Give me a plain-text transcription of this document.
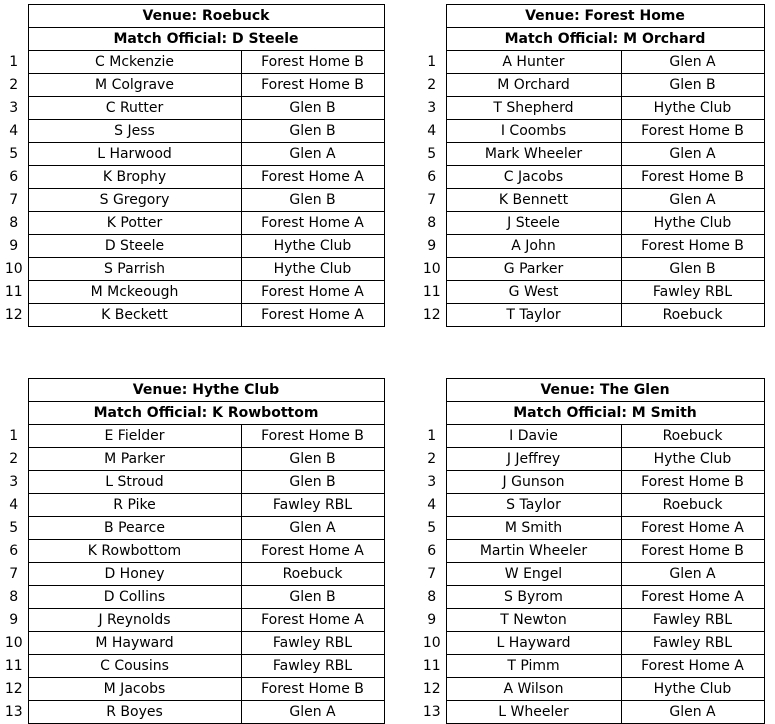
	Venue: Roebuck	
	Match Official: D Steele	
1	C Mckenzie	Forest Home B
2	M Colgrave	Forest Home B
3	C Rutter	Glen B
4	S Jess	Glen B
5	L Harwood	Glen A
6	K Brophy	Forest Home A
7	S Gregory	Glen B
8	K Potter	Forest Home A
9	D Steele	Hythe Club
10	S Parrish	Hythe Club
11	M Mckeough	Forest Home A
12	K Beckett	Forest Home A
	Venue: Forest Home	
	Match Official: M Orchard	
1	A Hunter	Glen A
2	M Orchard	Glen B
3	T Shepherd	Hythe Club
4	I Coombs	Forest Home B
5	Mark Wheeler	Glen A
6	C Jacobs	Forest Home B
7	K Bennett	Glen A
8	J Steele	Hythe Club
9	A John	Forest Home B
10	G Parker	Glen B
11	G West	Fawley RBL
12	T Taylor	Roebuck
	Venue: Hythe Club	
	Match Official: K Rowbottom	
1	E Fielder	Forest Home B
2	M Parker	Glen B
3	L Stroud	Glen B
4	R Pike	Fawley RBL
5	B Pearce	Glen A
6	K Rowbottom	Forest Home A
7	D Honey	Roebuck
8	D Collins	Glen B
9	J Reynolds	Forest Home A
10	M Hayward	Fawley RBL
11	C Cousins	Fawley RBL
12	M Jacobs	Forest Home B
13	R Boyes	Glen A
	Venue: The Glen	
	Match Official: M Smith	
1	I Davie	Roebuck
2	J Jeffrey	Hythe Club
3	J Gunson	Forest Home B
4	S Taylor	Roebuck
5	M Smith	Forest Home A
6	Martin Wheeler	Forest Home B
7	W Engel	Glen A
8	S Byrom	Forest Home A
9	T Newton	Fawley RBL
10	L Hayward	Fawley RBL
11	T Pimm	Forest Home A
12	A Wilson	Hythe Club
13	L Wheeler	Glen A
